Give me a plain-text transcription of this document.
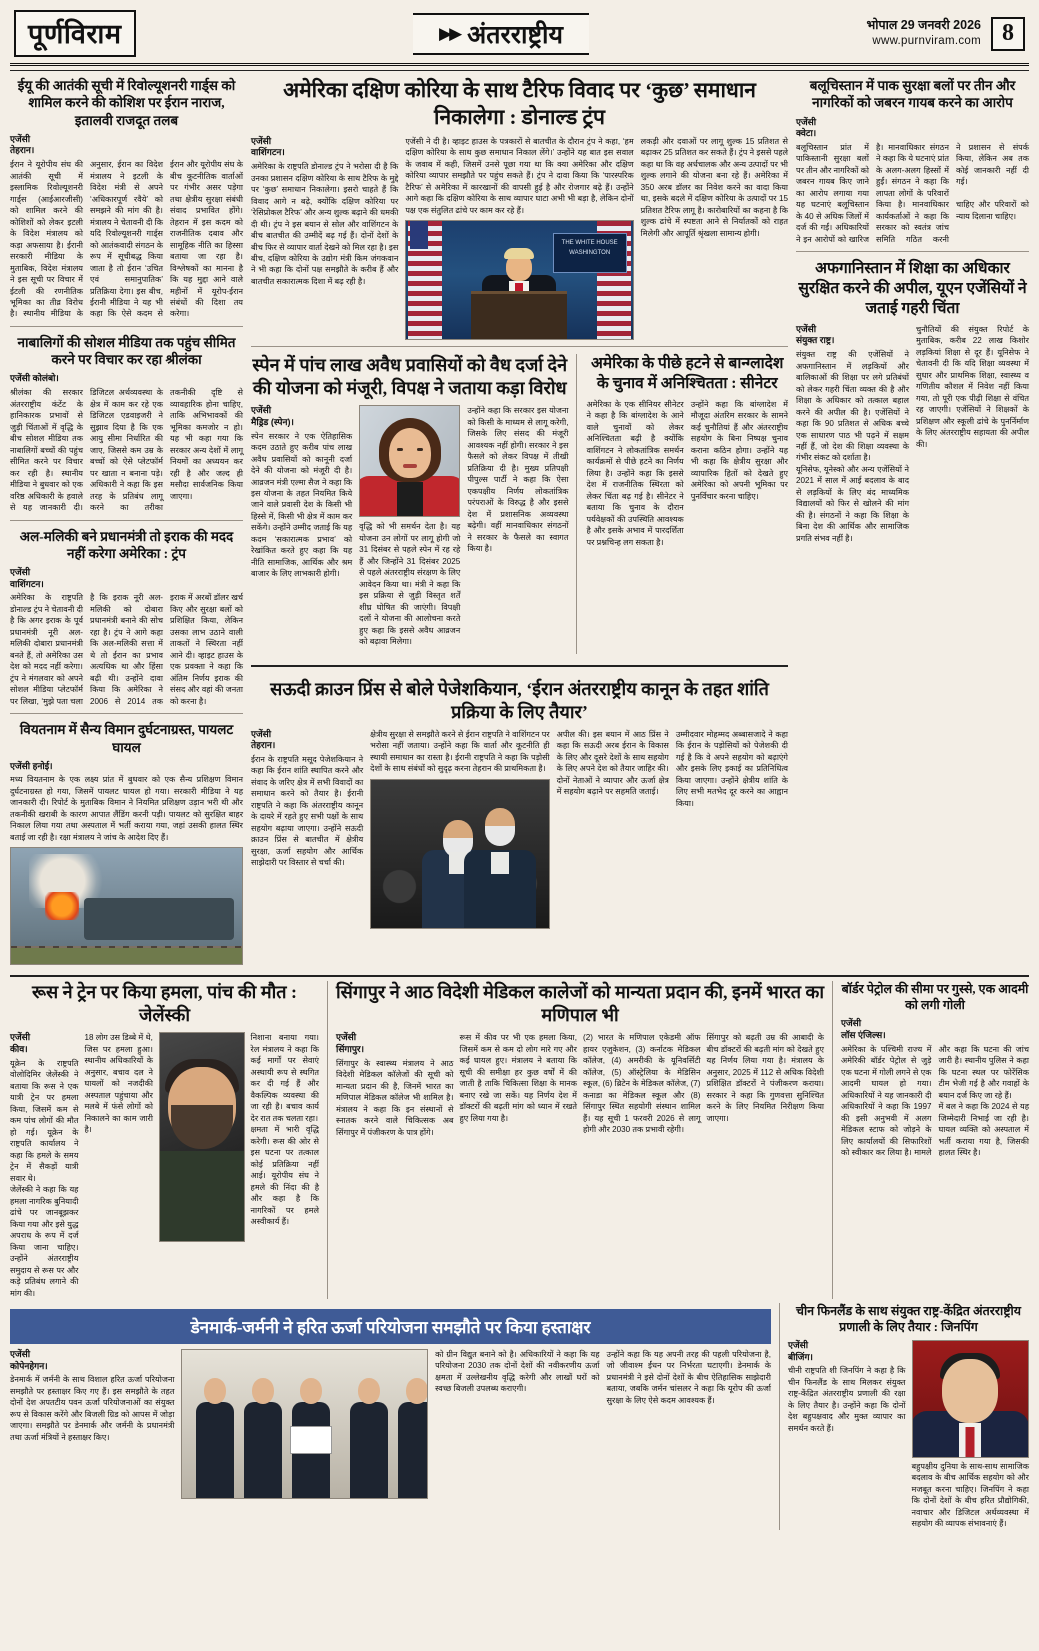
पूर्णविराम	▶▶ अंतरराष्ट्रीय	भोपाल 29 जनवरी 2026
www.purnviram.com 8
ईयू की आतंकी सूची में रिवोल्यूशनरी गार्ड्स को शामिल करने की कोशिश पर ईरान नाराज, इतालवी राजदूत तलब
एजेंसी
तेहरान।
ईरान ने यूरोपीय संघ की आतंकी सूची में इस्लामिक रिवोल्यूशनरी गार्ड्स (आईआरजीसी) को शामिल करने की कोशिशों को लेकर इटली के विदेश मंत्रालय को कड़ा अफसाया है। ईरानी सरकारी मीडिया के मुताबिक, विदेश मंत्रालय ने इस सूची पर विचार में ईटली की रणनीतिक भूमिका का तीव्र विरोध है। स्थानीय मीडिया के अनुसार, ईरान का विदेश मंत्रालय ने इटली के विदेश मंत्री से अपने ‘अधिकारपूर्ण रवैये’ को समझने की मांग की है। मंत्रालय ने चेतावनी दी कि यदि रिवोल्यूशनरी गार्ड्स को आतंकवादी संगठन के रूप में सूचीबद्ध किया जाता है तो ईरान ‘उचित एवं समानुपातिक’ प्रतिक्रिया देगा। इस बीच, ईरानी मीडिया ने यह भी कहा कि ऐसे कदम से ईरान और यूरोपीय संघ के बीच कूटनीतिक वार्ताओं पर गंभीर असर पड़ेगा तथा क्षेत्रीय सुरक्षा संबंधी संवाद प्रभावित होंगे। तेहरान में इस कदम को राजनीतिक दबाव और सामूहिक नीति का हिस्सा बताया जा रहा है। विश्लेषकों का मानना है कि यह मुद्दा आने वाले महीनों में यूरोप-ईरान संबंधों की दिशा तय करेगा।
नाबालिगों की सोशल मीडिया तक पहुंच सीमित करने पर विचार कर रहा श्रीलंका
एजेंसी कोलंबो।
श्रीलंका की सरकार अंतरराष्ट्रीय कंटेंट के हानिकारक प्रभावों से जुड़ी चिंताओं में वृद्धि के बीच सोशल मीडिया तक नाबालिगों बच्चों की पहुंच सीमित करने पर विचार कर रही है। स्थानीय मीडिया ने बुधवार को एक वरिष्ठ अधिकारी के हवाले से यह जानकारी दी। डिजिटल अर्थव्यवस्था के क्षेत्र में काम कर रहे एक डिजिटल एडवाइजरी ने सुझाव दिया है कि एक आयु सीमा निर्धारित की जाए, जिससे कम उम्र के बच्चों को ऐसे प्लेटफॉर्म पर खाता न बनाना पड़े। अधिकारी ने कहा कि इस तरह के प्रतिबंध लागू करने का तरीका तकनीकी दृष्टि से व्यावहारिक होना चाहिए, ताकि अभिभावकों की भूमिका कमजोर न हो। यह भी कहा गया कि सरकार अन्य देशों में लागू नियमों का अध्ययन कर रही है और जल्द ही मसौदा सार्वजनिक किया जाएगा।
अल-मलिकी बने प्रधानमंत्री तो इराक की मदद नहीं करेगा अमेरिका : ट्रंप
एजेंसी
वाशिंगटन।
अमेरिका के राष्ट्रपति डोनाल्ड ट्रंप ने चेतावनी दी है कि अगर इराक के पूर्व प्रधानमंत्री नूरी अल-मलिकी दोबारा प्रधानमंत्री बनते हैं, तो अमेरिका उस देश को मदद नहीं करेगा। ट्रंप ने मंगलवार को अपने सोशल मीडिया प्लेटफॉर्म पर लिखा, ‘मुझे पता चला है कि इराक नूरी अल-मलिकी को दोबारा प्रधानमंत्री बनाने की सोच रहा है। ट्रंप ने आगे कहा कि अल-मलिकी सत्ता में थे तो ईरान का प्रभाव अत्यधिक था और हिंसा बढ़ी थी। उन्होंने दावा किया कि अमेरिका ने 2006 से 2014 तक इराक में अरबों डॉलर खर्च किए और सुरक्षा बलों को प्रशिक्षित किया, लेकिन उसका लाभ उठाने वाली ताकतों ने स्थिरता नहीं आने दी। व्हाइट हाउस के एक प्रवक्ता ने कहा कि अंतिम निर्णय इराक की संसद और वहां की जनता को करना है।
वियतनाम में सैन्य विमान दुर्घटनाग्रस्त, पायलट घायल
एजेंसी हनोई।
मध्य वियतनाम के एक लक्ष्य प्रांत में बुधवार को एक सैन्य प्रशिक्षण विमान दुर्घटनाग्रस्त हो गया, जिसमें पायलट घायल हो गया। सरकारी मीडिया ने यह जानकारी दी। रिपोर्ट के मुताबिक विमान ने नियमित प्रशिक्षण उड़ान भरी थी और तकनीकी खराबी के कारण आपात लैंडिंग करनी पड़ी। पायलट को सुरक्षित बाहर निकाल लिया गया तथा अस्पताल में भर्ती कराया गया, जहां उसकी हालत स्थिर बताई जा रही है। रक्षा मंत्रालय ने जांच के आदेश दिए हैं।
अमेरिका दक्षिण कोरिया के साथ टैरिफ विवाद पर ‘कुछ’ समाधान निकालेगा : डोनाल्ड ट्रंप
एजेंसी
वाशिंगटन।
अमेरिका के राष्ट्रपति डोनाल्ड ट्रंप ने भरोसा दी है कि उनका प्रशासन दक्षिण कोरिया के साथ टैरिफ के मुद्दे पर ‘कुछ’ समाधान निकालेगा। इसरो चाहते हैं कि विवाद आगे न बढ़े, क्योंकि दक्षिण कोरिया पर ‘रेसिप्रोकल टैरिफ’ और अन्य शुल्क बढ़ाने की धमकी दी थी। ट्रंप ने इस बयान से सोल और वाशिंगटन के बीच बातचीत की उम्मीदें बढ़ गई हैं। दोनों देशों के बीच फिर से व्यापार वार्ता देखने को मिल रहा है। इस बीच, दक्षिण कोरिया के उद्योग मंत्री किम जंगकवान ने भी कहा कि दोनों पक्ष समझौते के करीब हैं और बातचीत सकारात्मक दिशा में बढ़ रही है।
एजेंसी ने दी है। व्हाइट हाउस के पत्रकारों से बातचीत के दौरान ट्रंप ने कहा, ‘हम दक्षिण कोरिया के साथ कुछ समाधान निकाल लेंगे।’ उन्होंने यह बात इस सवाल के जवाब में कही, जिसमें उनसे पूछा गया था कि क्या अमेरिका और दक्षिण कोरिया व्यापार समझौते पर पहुंच सकते हैं। ट्रंप ने दावा किया कि ‘पारस्परिक टैरिफ’ से अमेरिका में कारखानों की वापसी हुई है और रोजगार बढ़े हैं। उन्होंने आगे कहा कि दक्षिण कोरिया के साथ व्यापार घाटा अभी भी बड़ा है, लेकिन दोनों पक्ष एक संतुलित ढांचे पर काम कर रहे हैं।
THE WHITE HOUSE
WASHINGTON
लकड़ी और दवाओं पर लागू शुल्क 15 प्रतिशत से बढ़ाकर 25 प्रतिशत कर सकते हैं। ट्रंप ने इससे पहले कहा था कि वह अर्धचालक और अन्य उत्पादों पर भी शुल्क लगाने की योजना बना रहे हैं। अमेरिका में 350 अरब डॉलर का निवेश करने का वादा किया था, इसके बदले में दक्षिण कोरिया के उत्पादों पर 15 प्रतिशत टैरिफ लागू है। कारोबारियों का कहना है कि शुल्क ढांचे में स्पष्टता आने से निर्यातकों को राहत मिलेगी और आपूर्ति श्रृंखला सामान्य होगी।
स्पेन में पांच लाख अवैध प्रवासियों को वैध दर्जा देने की योजना को मंजूरी, विपक्ष ने जताया कड़ा विरोध
एजेंसी
मैड्रिड (स्पेन)।
स्पेन सरकार ने एक ऐतिहासिक कदम उठाते हुए करीब पांच लाख अवैध प्रवासियों को कानूनी दर्जा देने की योजना को मंजूरी दी है। आव्रजन मंत्री एल्मा सैज ने कहा कि इस योजना के तहत नियमित किये जाने वाले प्रवासी देश के किसी भी हिस्से में, किसी भी क्षेत्र में काम कर सकेंगे। उन्होंने उम्मीद जताई कि यह कदम ‘सकारात्मक प्रभाव’ को रेखांकित करते हुए कहा कि यह नीति सामाजिक, आर्थिक और श्रम बाजार के लिए लाभकारी होगी।
वृद्धि को भी समर्थन देता है। यह योजना उन लोगों पर लागू होगी जो 31 दिसंबर से पहले स्पेन में रह रहे हैं और जिन्होंने 31 दिसंबर 2025 से पहले अंतरराष्ट्रीय संरक्षण के लिए आवेदन किया था। मंत्री ने कहा कि इस प्रक्रिया से जुड़ी विस्तृत शर्तें शीघ्र घोषित की जाएंगी। विपक्षी दलों ने योजना की आलोचना करते हुए कहा कि इससे अवैध आव्रजन को बढ़ावा मिलेगा।
उन्होंने कहा कि सरकार इस योजना को किसी के माध्यम से लागू करेगी, जिसके लिए संसद की मंजूरी आवश्यक नहीं होगी। सरकार ने इस फैसले को लेकर विपक्ष में तीखी प्रतिक्रिया दी है। मुख्य प्रतिपक्षी पीपुल्स पार्टी ने कहा कि ऐसा एकपक्षीय निर्णय लोकतांत्रिक परंपराओं के विरुद्ध है और इससे देश में प्रशासनिक अव्यवस्था बढ़ेगी। वहीं मानवाधिकार संगठनों ने सरकार के फैसले का स्वागत किया है।
अमेरिका के पीछे हटने से बान्ग्लादेश के चुनाव में अनिश्चितता : सीनेटर
अमेरिका के एक सीनियर सीनेटर ने कहा है कि बांग्लादेश के आने वाले चुनावों को लेकर अनिश्चितता बढ़ी है क्योंकि वाशिंगटन ने लोकतांत्रिक समर्थन कार्यक्रमों से पीछे हटने का निर्णय लिया है। उन्होंने कहा कि इससे देश में राजनीतिक स्थिरता को लेकर चिंता बढ़ गई है। सीनेटर ने बताया कि चुनाव के दौरान पर्यवेक्षकों की उपस्थिति आवश्यक है और इसके अभाव में पारदर्शिता पर प्रश्नचिन्ह लग सकता है।
उन्होंने कहा कि बांग्लादेश में मौजूदा अंतरिम सरकार के सामने कई चुनौतियां हैं और अंतरराष्ट्रीय सहयोग के बिना निष्पक्ष चुनाव कराना कठिन होगा। उन्होंने यह भी कहा कि क्षेत्रीय सुरक्षा और व्यापारिक हितों को देखते हुए अमेरिका को अपनी भूमिका पर पुनर्विचार करना चाहिए।
सऊदी क्राउन प्रिंस से बोले पेजेशकियान, ‘ईरान अंतरराष्ट्रीय कानून के तहत शांति प्रक्रिया के लिए तैयार’
एजेंसी
तेहरान।
ईरान के राष्ट्रपति मसूद पेजेशकियान ने कहा कि ईरान शांति स्थापित करने और संवाद के जरिए क्षेत्र में सभी विवादों का समाधान करने को तैयार है। ईरानी राष्ट्रपति ने कहा कि अंतरराष्ट्रीय कानून के दायरे में रहते हुए सभी पक्षों के साथ सहयोग बढ़ाया जाएगा। उन्होंने सऊदी क्राउन प्रिंस से बातचीत में क्षेत्रीय सुरक्षा, ऊर्जा सहयोग और आर्थिक साझेदारी पर विस्तार से चर्चा की।
क्षेत्रीय सुरक्षा से समझौते करने से ईरान राष्ट्रपति ने वाशिंगटन पर भरोसा नहीं जताया। उन्होंने कहा कि वार्ता और कूटनीति ही स्थायी समाधान का रास्ता है। ईरानी राष्ट्रपति ने कहा कि पड़ोसी देशों के साथ संबंधों को सुदृढ़ करना तेहरान की प्राथमिकता है।
अपील की। इस बयान में आठ प्रिंस ने कहा कि सऊदी अरब ईरान के विकास के लिए और दूसरे देशों के साथ सहयोग के लिए अपने देश को तैयार जाहिर की। दोनों नेताओं ने व्यापार और ऊर्जा क्षेत्र में सहयोग बढ़ाने पर सहमति जताई।
उम्मीदवार मोहम्मद अब्बासजादे ने कहा कि ईरान के पड़ोसियों को पेजेशकी दी गई है कि वे अपने सहयोग को बढ़ाएंगे और इसके लिए इकाई का प्रतिनिधित्व किया जाएगा। उन्होंने क्षेत्रीय शांति के लिए सभी मतभेद दूर करने का आह्वान किया।
बलूचिस्तान में पाक सुरक्षा बलों पर तीन और नागरिकों को जबरन गायब करने का आरोप
एजेंसी
क्वेटा।
बलूचिस्तान प्रांत में पाकिस्तानी सुरक्षा बलों पर तीन और नागरिकों को जबरन गायब किए जाने का आरोप लगाया गया है। मानवाधिकार संगठन ने कहा कि ये घटनाएं प्रांत के अलग-अलग हिस्सों में हुईं। संगठन ने कहा कि लापता लोगों के परिवारों ने प्रशासन से संपर्क किया, लेकिन अब तक कोई जानकारी नहीं दी गई।
यह घटनाएं बलूचिस्तान के 40 से अधिक जिलों में दर्ज की गईं। अधिकारियों ने इन आरोपों को खारिज किया है। मानवाधिकार कार्यकर्ताओं ने कहा कि सरकार को स्वतंत्र जांच समिति गठित करनी चाहिए और परिवारों को न्याय दिलाना चाहिए।
अफगानिस्तान में शिक्षा का अधिकार सुरक्षित करने की अपील, यूएन एजेंसियों ने जताई गहरी चिंता
एजेंसी
संयुक्त राष्ट्र।
संयुक्त राष्ट्र की एजेंसियों ने अफगानिस्तान में लड़कियों और बालिकाओं की शिक्षा पर लगे प्रतिबंधों को लेकर गहरी चिंता व्यक्त की है और शिक्षा के अधिकार को तत्काल बहाल करने की अपील की है। एजेंसियों ने कहा कि 90 प्रतिशत से अधिक बच्चे एक साधारण पाठ भी पढ़ने में सक्षम नहीं हैं, जो देश की शिक्षा व्यवस्था के गंभीर संकट को दर्शाता है।
यूनिसेफ, यूनेस्को और अन्य एजेंसियों ने 2021 में साल में आई बदलाव के बाद से लड़कियों के लिए बंद माध्यमिक विद्यालयों को फिर से खोलने की मांग की है। संगठनों ने कहा कि शिक्षा के बिना देश की आर्थिक और सामाजिक प्रगति संभव नहीं है।
चुनौतियों की संयुक्त रिपोर्ट के मुताबिक, करीब 22 लाख किशोर लड़कियां शिक्षा से दूर हैं। यूनिसेफ ने चेतावनी दी कि यदि शिक्षा व्यवस्था में सुधार और प्राथमिक शिक्षा, स्वास्थ्य व गणितीय कौशल में निवेश नहीं किया गया, तो पूरी एक पीढ़ी शिक्षा से वंचित रह जाएगी। एजेंसियों ने शिक्षकों के प्रशिक्षण और स्कूली ढांचे के पुनर्निर्माण के लिए अंतरराष्ट्रीय सहायता की अपील की।
रूस ने ट्रेन पर किया हमला, पांच की मौत : जेलेंस्की
एजेंसी
कीव।
यूक्रेन के राष्ट्रपति वोलोदिमिर जेलेंस्की ने बताया कि रूस ने एक यात्री ट्रेन पर हमला किया, जिसमें कम से कम पांच लोगों की मौत हो गई। यूक्रेन के राष्ट्रपति कार्यालय ने कहा कि हमले के समय ट्रेन में सैकड़ों यात्री सवार थे।
जेलेंस्की ने कहा कि यह हमला नागरिक बुनियादी ढांचे पर जानबूझकर किया गया और इसे युद्ध अपराध के रूप में दर्ज किया जाना चाहिए। उन्होंने अंतरराष्ट्रीय समुदाय से रूस पर और कड़े प्रतिबंध लगाने की मांग की।
18 लोग उस डिब्बे में थे, जिस पर हमला हुआ। स्थानीय अधिकारियों के अनुसार, बचाव दल ने घायलों को नजदीकी अस्पताल पहुंचाया और मलबे में फंसे लोगों को निकालने का काम जारी है।
निशाना बनाया गया। रेल मंत्रालय ने कहा कि कई मार्गों पर सेवाएं अस्थायी रूप से स्थगित कर दी गई हैं और वैकल्पिक व्यवस्था की जा रही है। बचाव कार्य देर रात तक चलता रहा।
क्षमता में भारी वृद्धि करेगी। रूस की ओर से इस घटना पर तत्काल कोई प्रतिक्रिया नहीं आई। यूरोपीय संघ ने हमले की निंदा की है और कहा है कि नागरिकों पर हमले अस्वीकार्य हैं।
सिंगापुर ने आठ विदेशी मेडिकल कालेजों को मान्यता प्रदान की, इनमें भारत का मणिपाल भी
एजेंसी
सिंगापुर।
सिंगापुर के स्वास्थ्य मंत्रालय ने आठ विदेशी मेडिकल कॉलेजों की सूची को मान्यता प्रदान की है, जिनमें भारत का मणिपाल मेडिकल कॉलेज भी शामिल है। मंत्रालय ने कहा कि इन संस्थानों से स्नातक करने वाले चिकित्सक अब सिंगापुर में पंजीकरण के पात्र होंगे।
रूस में कीव पर भी एक हमला किया, जिसमें कम से कम दो लोग मारे गए और कई घायल हुए। मंत्रालय ने बताया कि सूची की समीक्षा हर कुछ वर्षों में की जाती है ताकि चिकित्सा शिक्षा के मानक बनाए रखे जा सकें। यह निर्णय देश में डॉक्टरों की बढ़ती मांग को ध्यान में रखते हुए लिया गया है।
(2) भारत के मणिपाल एकेडमी ऑफ हायर एजुकेशन, (3) कर्नाटक मेडिकल कॉलेज, (4) अमरीकी के यूनिवर्सिटी कॉलेज, (5) ऑस्ट्रेलिया के मेडिसिन स्कूल, (6) ब्रिटेन के मेडिकल कॉलेज, (7) कनाडा का मेडिकल स्कूल और (8) सिंगापुर स्थित सहयोगी संस्थान शामिल हैं। यह सूची 1 फरवरी 2026 से लागू होगी और 2030 तक प्रभावी रहेगी।
सिंगापुर को बढ़ती उम्र की आबादी के बीच डॉक्टरों की बढ़ती मांग को देखते हुए यह निर्णय लिया गया है। मंत्रालय के अनुसार, 2025 में 112 से अधिक विदेशी प्रशिक्षित डॉक्टरों ने पंजीकरण कराया। सरकार ने कहा कि गुणवत्ता सुनिश्चित करने के लिए नियमित निरीक्षण किया जाएगा।
बॉर्डर पेट्रोल की सीमा पर गुस्से, एक आदमी को लगी गोली
एजेंसी
लॉस एंजिल्स।
अमेरिका के पश्चिमी राज्य में अमेरिकी बॉर्डर पेट्रोल से जुड़े एक घटना में गोली लगने से एक आदमी घायल हो गया। अधिकारियों ने यह जानकारी दी और कहा कि घटना की जांच जारी है। स्थानीय पुलिस ने कहा कि घटना स्थल पर फोरेंसिक टीम भेजी गई है और गवाहों के बयान दर्ज किए जा रहे हैं।
अधिकारियों ने कहा कि 1997 की इसी अनुभवी में अलग मेडिकल स्टाफ को जोड़ने के लिए कार्यालयों की सिफारिशों को स्वीकार कर लिया है। मामले में बल ने कहा कि 2024 से यह जिम्मेदारी निभाई जा रही है। घायल व्यक्ति को अस्पताल में भर्ती कराया गया है, जिसकी हालत स्थिर है।
डेनमार्क-जर्मनी ने हरित ऊर्जा परियोजना समझौते पर किया हस्ताक्षर
एजेंसी
कोपेनहेगन।
डेनमार्क में जर्मनी के साथ विशाल हरित ऊर्जा परियोजना समझौते पर हस्ताक्षर किए गए हैं। इस समझौते के तहत दोनों देश अपतटीय पवन ऊर्जा परियोजनाओं का संयुक्त रूप से विकास करेंगे और बिजली ग्रिड को आपस में जोड़ा जाएगा। समझौते पर डेनमार्क और जर्मनी के प्रधानमंत्री तथा ऊर्जा मंत्रियों ने हस्ताक्षर किए।
को ग्रीन विद्युत बनाने को है। अधिकारियों ने कहा कि यह परियोजना 2030 तक दोनों देशों की नवीकरणीय ऊर्जा क्षमता में उल्लेखनीय वृद्धि करेगी और लाखों घरों को स्वच्छ बिजली उपलब्ध कराएगी।
उन्होंने कहा कि यह अपनी तरह की पहली परियोजना है, जो जीवाश्म ईंधन पर निर्भरता घटाएगी। डेनमार्क के प्रधानमंत्री ने इसे दोनों देशों के बीच ऐतिहासिक साझेदारी बताया, जबकि जर्मन चांसलर ने कहा कि यूरोप की ऊर्जा सुरक्षा के लिए ऐसे कदम आवश्यक हैं।
चीन फिनलैंड के साथ संयुक्त राष्ट्र-केंद्रित अंतरराष्ट्रीय प्रणाली के लिए तैयार : जिनपिंग
एजेंसी
बीजिंग।
चीनी राष्ट्रपति शी जिनपिंग ने कहा है कि चीन फिनलैंड के साथ मिलकर संयुक्त राष्ट्र-केंद्रित अंतरराष्ट्रीय प्रणाली की रक्षा के लिए तैयार है। उन्होंने कहा कि दोनों देश बहुपक्षवाद और मुक्त व्यापार का समर्थन करते हैं।
बहुपक्षीय दुनिया के साथ-साथ सामाजिक बदलाव के बीच आर्थिक सहयोग को और मजबूत करना चाहिए। जिनपिंग ने कहा कि दोनों देशों के बीच हरित प्रौद्योगिकी, नवाचार और डिजिटल अर्थव्यवस्था में सहयोग की व्यापक संभावनाएं हैं।
